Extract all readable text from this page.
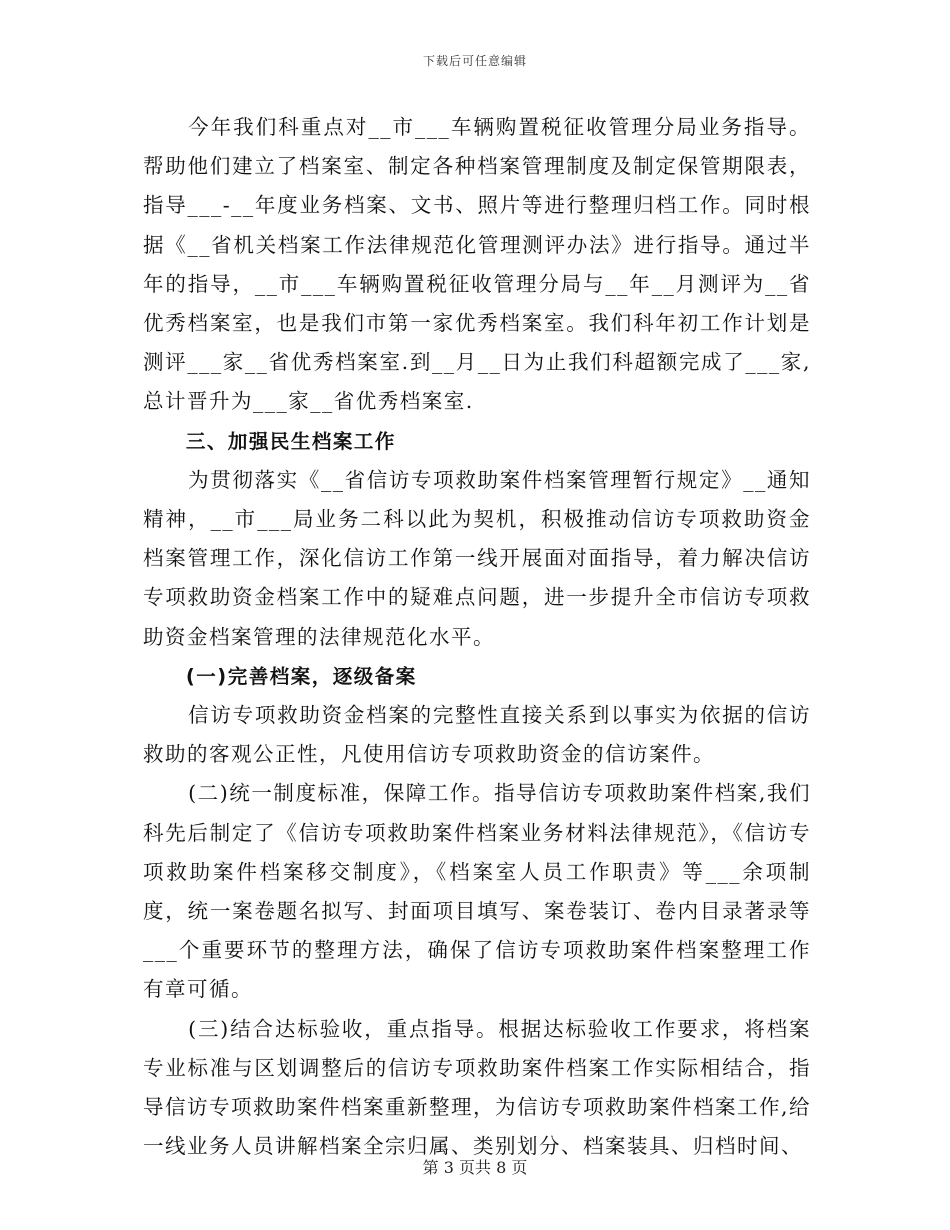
下载后可任意编辑

今年我们科重点对__市___车辆购置税征收管理分局业务指导。帮助他们建立了档案室、制定各种档案管理制度及制定保管期限表，指导___-__年度业务档案、文书、照片等进行整理归档工作。同时根据《__省机关档案工作法律规范化管理测评办法》进行指导。通过半年的指导，__市___车辆购置税征收管理分局与__年__月测评为__省优秀档案室，也是我们市第一家优秀档案室。我们科年初工作计划是测评___家__省优秀档案室.到__月__日为止我们科超额完成了___家,总计晋升为___家__省优秀档案室.

三、加强民生档案工作

为贯彻落实《__省信访专项救助案件档案管理暂行规定》__通知精神，__市___局业务二科以此为契机，积极推动信访专项救助资金档案管理工作，深化信访工作第一线开展面对面指导，着力解决信访专项救助资金档案工作中的疑难点问题，进一步提升全市信访专项救助资金档案管理的法律规范化水平。

(一)完善档案，逐级备案

信访专项救助资金档案的完整性直接关系到以事实为依据的信访救助的客观公正性，凡使用信访专项救助资金的信访案件。

(二)统一制度标准，保障工作。指导信访专项救助案件档案,我们科先后制定了《信访专项救助案件档案业务材料法律规范》，《信访专项救助案件档案移交制度》，《档案室人员工作职责》等___余项制度，统一案卷题名拟写、封面项目填写、案卷装订、卷内目录著录等___个重要环节的整理方法，确保了信访专项救助案件档案整理工作有章可循。

(三)结合达标验收，重点指导。根据达标验收工作要求，将档案专业标准与区划调整后的信访专项救助案件档案工作实际相结合，指导信访专项救助案件档案重新整理，为信访专项救助案件档案工作,给一线业务人员讲解档案全宗归属、类别划分、档案装具、归档时间、

第 3 页共 8 页
